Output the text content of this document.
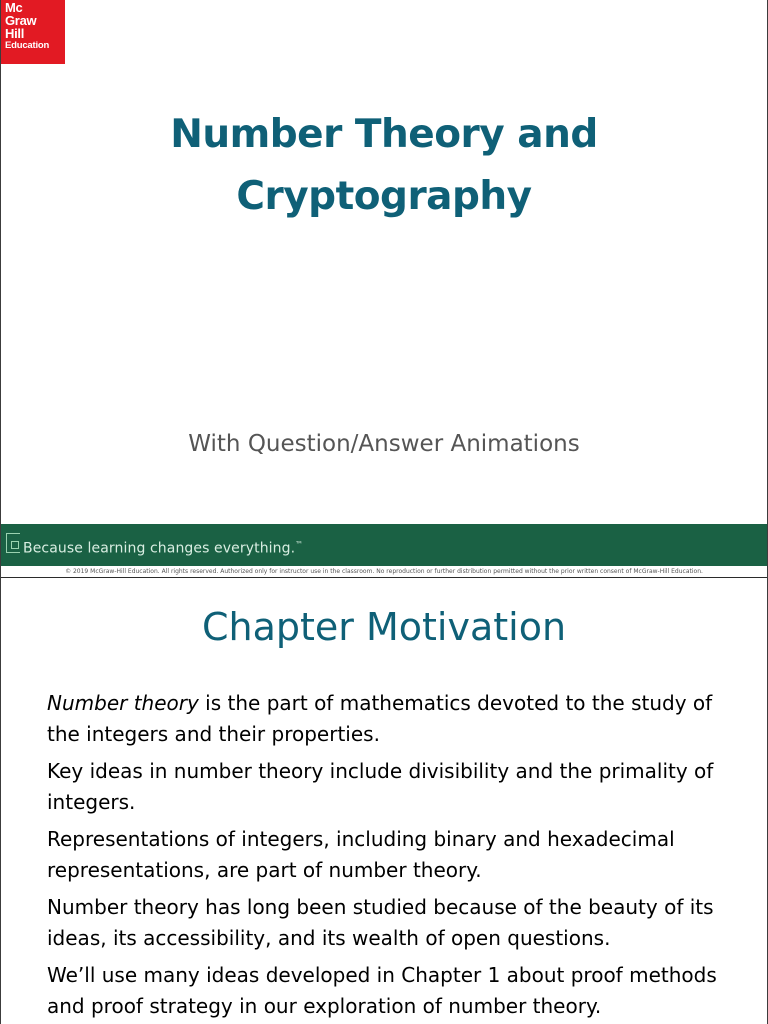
Mc
Graw
Hill
Education
Number Theory and
Cryptography

With Question/Answer Animations

Because learning changes everything.™
© 2019 McGraw-Hill Education. All rights reserved. Authorized only for instructor use in the classroom. No reproduction or further distribution permitted without the prior written consent of McGraw-Hill Education.
Chapter Motivation
Number theory is the part of mathematics devoted to the study of the integers and their properties.
Key ideas in number theory include divisibility and the primality of integers.
Representations of integers, including binary and hexadecimal representations, are part of number theory.
Number theory has long been studied because of the beauty of its ideas, its accessibility, and its wealth of open questions.
We’ll use many ideas developed in Chapter 1 about proof methods and proof strategy in our exploration of number theory.
